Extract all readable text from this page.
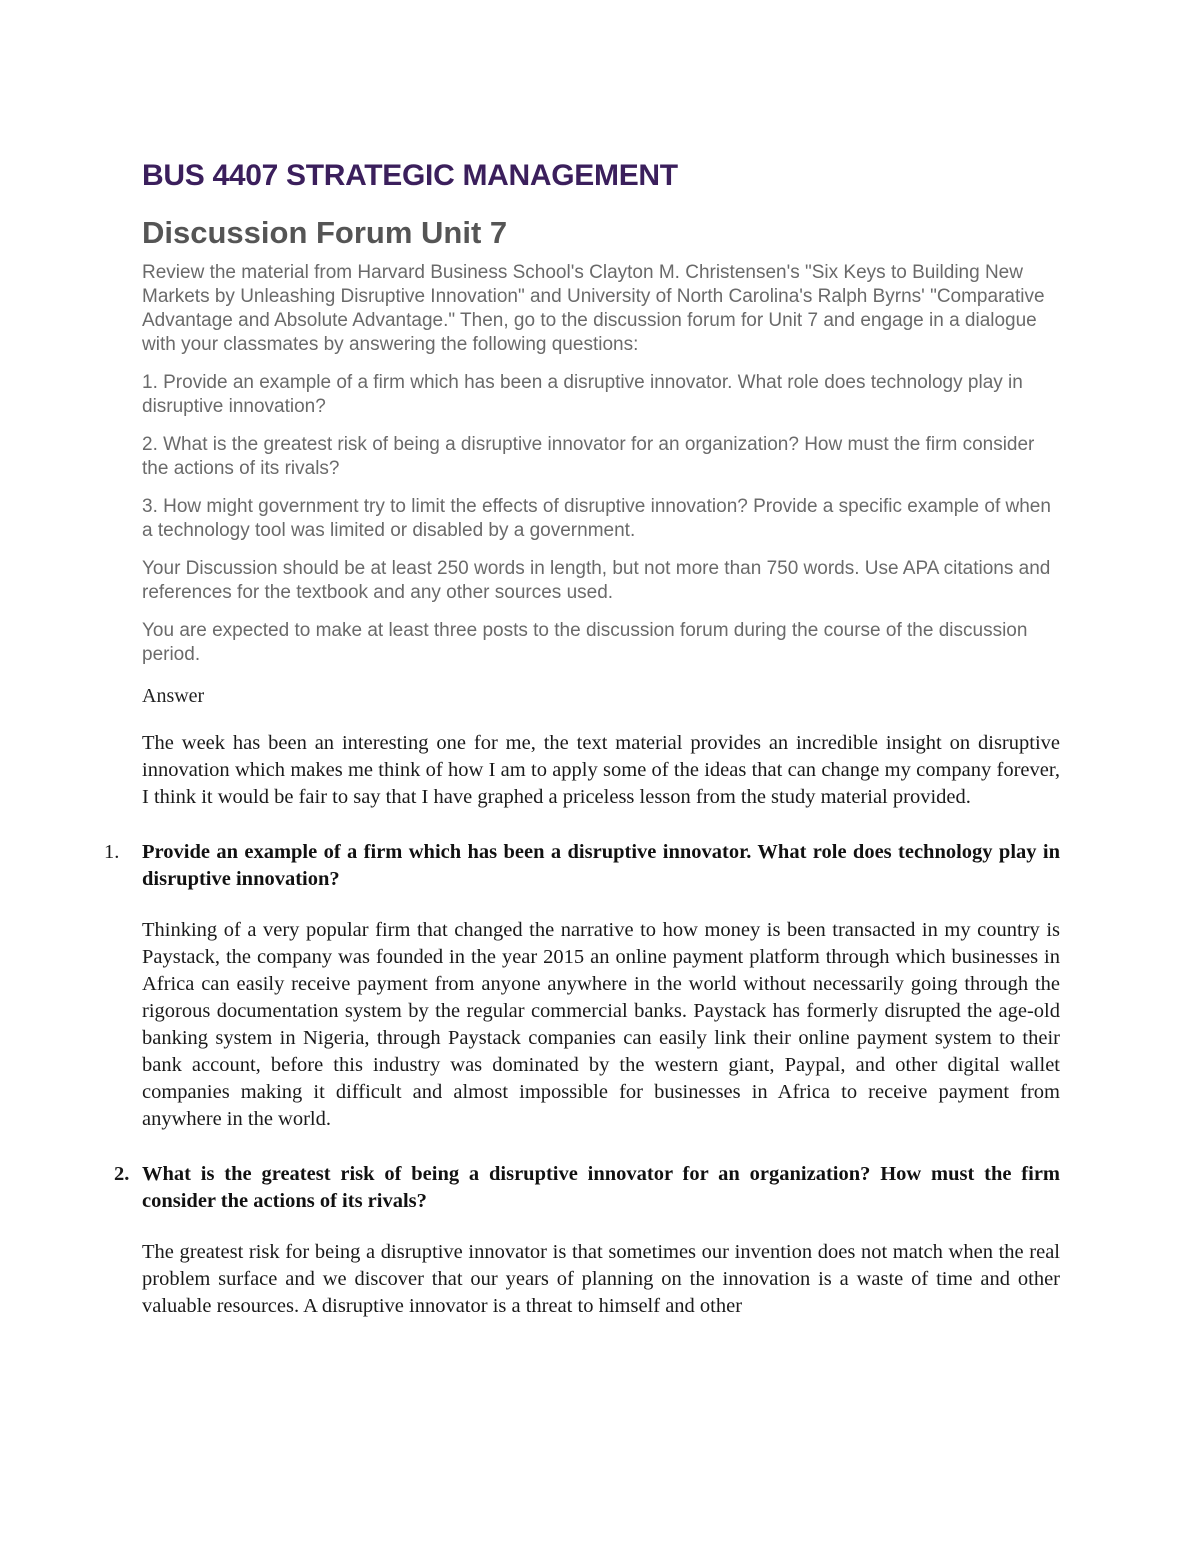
BUS 4407 STRATEGIC MANAGEMENT
Discussion Forum Unit 7

Review the material from Harvard Business School's Clayton M. Christensen's "Six Keys to Building New Markets by Unleashing Disruptive Innovation" and University of North Carolina's Ralph Byrns' "Comparative Advantage and Absolute Advantage." Then, go to the discussion forum for Unit 7 and engage in a dialogue with your classmates by answering the following questions:

1. Provide an example of a firm which has been a disruptive innovator. What role does technology play in disruptive innovation?

2. What is the greatest risk of being a disruptive innovator for an organization? How must the firm consider the actions of its rivals?

3. How might government try to limit the effects of disruptive innovation? Provide a specific example of when a technology tool was limited or disabled by a government.

Your Discussion should be at least 250 words in length, but not more than 750 words. Use APA citations and references for the textbook and any other sources used.

You are expected to make at least three posts to the discussion forum during the course of the discussion period.

Answer

The week has been an interesting one for me, the text material provides an incredible insight on disruptive innovation which makes me think of how I am to apply some of the ideas that can change my company forever, I think it would be fair to say that I have graphed a priceless lesson from the study material provided.

1. Provide an example of a firm which has been a disruptive innovator. What role does technology play in disruptive innovation?

Thinking of a very popular firm that changed the narrative to how money is been transacted in my country is Paystack, the company was founded in the year 2015 an online payment platform through which businesses in Africa can easily receive payment from anyone anywhere in the world without necessarily going through the rigorous documentation system by the regular commercial banks. Paystack has formerly disrupted the age-old banking system in Nigeria, through Paystack companies can easily link their online payment system to their bank account, before this industry was dominated by the western giant, Paypal, and other digital wallet companies making it difficult and almost impossible for businesses in Africa to receive payment from anywhere in the world.

2. What is the greatest risk of being a disruptive innovator for an organization? How must the firm consider the actions of its rivals?

The greatest risk for being a disruptive innovator is that sometimes our invention does not match when the real problem surface and we discover that our years of planning on the innovation is a waste of time and other valuable resources. A disruptive innovator is a threat to himself and other
